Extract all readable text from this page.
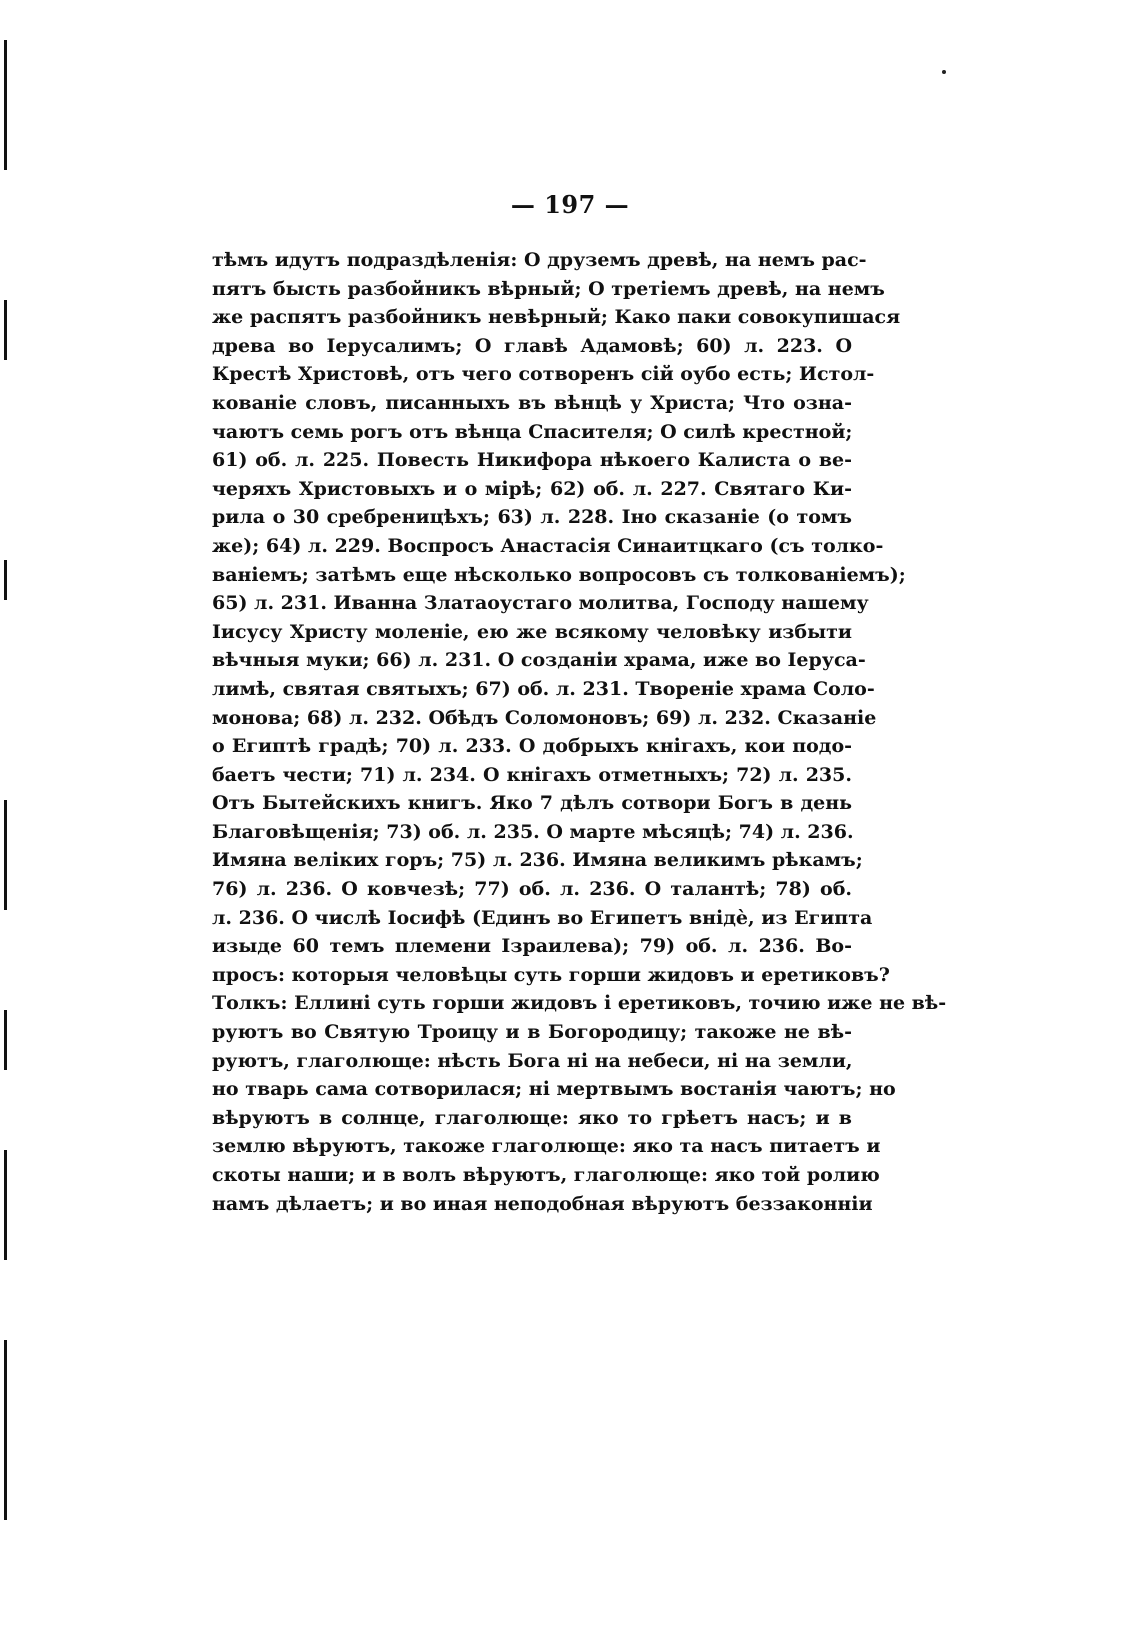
— 197 —
тѣмъ идутъ подраздѣленія: О друземъ древѣ, на немъ рас-
пятъ бысть разбойникъ вѣрный; О третіемъ древѣ, на немъ
же распятъ разбойникъ невѣрный; Како паки совокупишася
древа во Іерусалимъ; О главѣ Адамовѣ; 60) л. 223. О
Крестѣ Христовѣ, отъ чего сотворенъ сій оубо есть; Истол-
кованіе словъ, писанныхъ въ вѣнцѣ у Христа; Что озна-
чаютъ семь рогъ отъ вѣнца Спасителя; О силѣ крестной;
61) об. л. 225. Повесть Никифора нѣкоего Калиста о ве-
черяхъ Христовыхъ и о мірѣ; 62) об. л. 227. Святаго Ки-
рила о 30 сребреницѣхъ; 63) л. 228. Іно сказаніе (о томъ
же); 64) л. 229. Воспросъ Анастасія Синаитцкаго (съ толко-
ваніемъ; затѣмъ еще нѣсколько вопросовъ съ толкованіемъ);
65) л. 231. Иванна Златаоустаго молитва, Господу нашему
Іисусу Христу моленіе, ею же всякому человѣку избыти
вѣчныя муки; 66) л. 231. О созданіи храма, иже во Іеруса-
лимѣ, святая святыхъ; 67) об. л. 231. Твореніе храма Соло-
монова; 68) л. 232. Обѣдъ Соломоновъ; 69) л. 232. Сказаніе
о Египтѣ градѣ; 70) л. 233. О добрыхъ кнігахъ, кои подо-
баетъ чести; 71) л. 234. О кнігахъ отметныхъ; 72) л. 235.
Отъ Бытейскихъ книгъ. Яко 7 дѣлъ сотвори Богъ в день
Благовѣщенія; 73) об. л. 235. О марте мѣсяцѣ; 74) л. 236.
Имяна веліких горъ; 75) л. 236. Имяна великимъ рѣкамъ;
76) л. 236. О ковчезѣ; 77) об. л. 236. О талантѣ; 78) об.
л. 236. О числѣ Іосифѣ (Единъ во Египетъ внідѐ, из Египта
изыде 60 темъ племени Ізраилева); 79) об. л. 236. Во-
просъ: которыя человѣцы суть горши жидовъ и еретиковъ?
Толкъ: Еллині суть горши жидовъ і еретиковъ, точию иже не вѣ-
руютъ во Святую Троицу и в Богородицу; такоже не вѣ-
руютъ, глаголюще: нѣсть Бога ні на небеси, ні на земли,
но тварь сама сотворилася; ні мертвымъ востанія чаютъ; но
вѣруютъ в солнце, глаголюще: яко то грѣетъ насъ; и в
землю вѣруютъ, такоже глаголюще: яко та насъ питаетъ и
скоты наши; и в волъ вѣруютъ, глаголюще: яко той ролию
намъ дѣлаетъ; и во иная неподобная вѣруютъ беззаконніи
